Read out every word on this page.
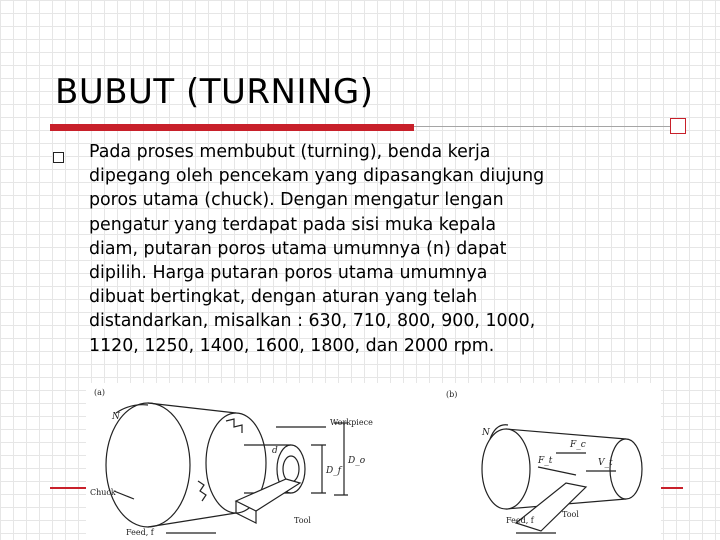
BUBUT (TURNING)
Pada proses membubut (turning), benda kerja
dipegang oleh pencekam yang dipasangkan diujung
poros utama (chuck). Dengan mengatur lengan
pengatur yang terdapat pada sisi muka kepala
diam, putaran poros utama umumnya (n) dapat
dipilih. Harga putaran poros utama umumnya
dibuat bertingkat, dengan aturan yang telah
distandarkan, misalkan : 630, 710, 800, 900, 1000,
1120, 1250, 1400, 1600, 1800, dan 2000 rpm.
(a)
Workpiece
Chuck
Tool
Feed, f
N
d
D_f
D_o
(b)
N
F_c
F_t	V_t
Tool
Feed, f
